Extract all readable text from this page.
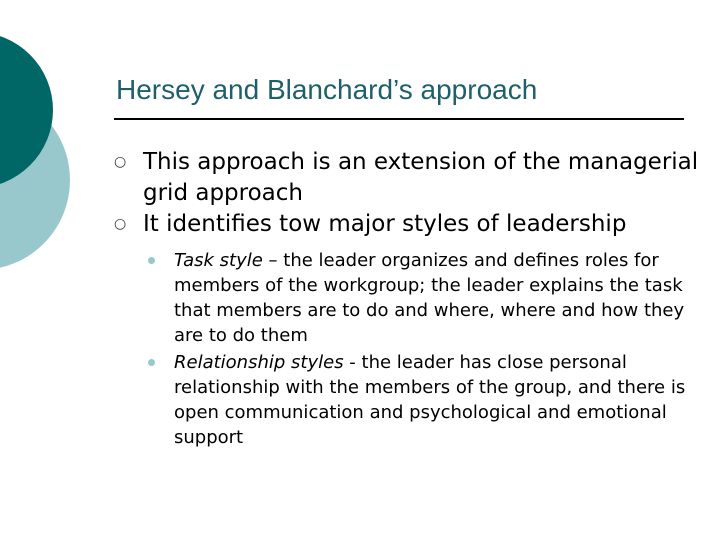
Hersey and Blanchard’s approach
○ This approach is an extension of the managerial grid approach
○ It identifies tow major styles of leadership
Task style – the leader organizes and defines roles for members of the workgroup; the leader explains the task that members are to do and where, where and how they are to do them
Relationship styles - the leader has close personal relationship with the members of the group, and there is open communication and psychological and emotional support
